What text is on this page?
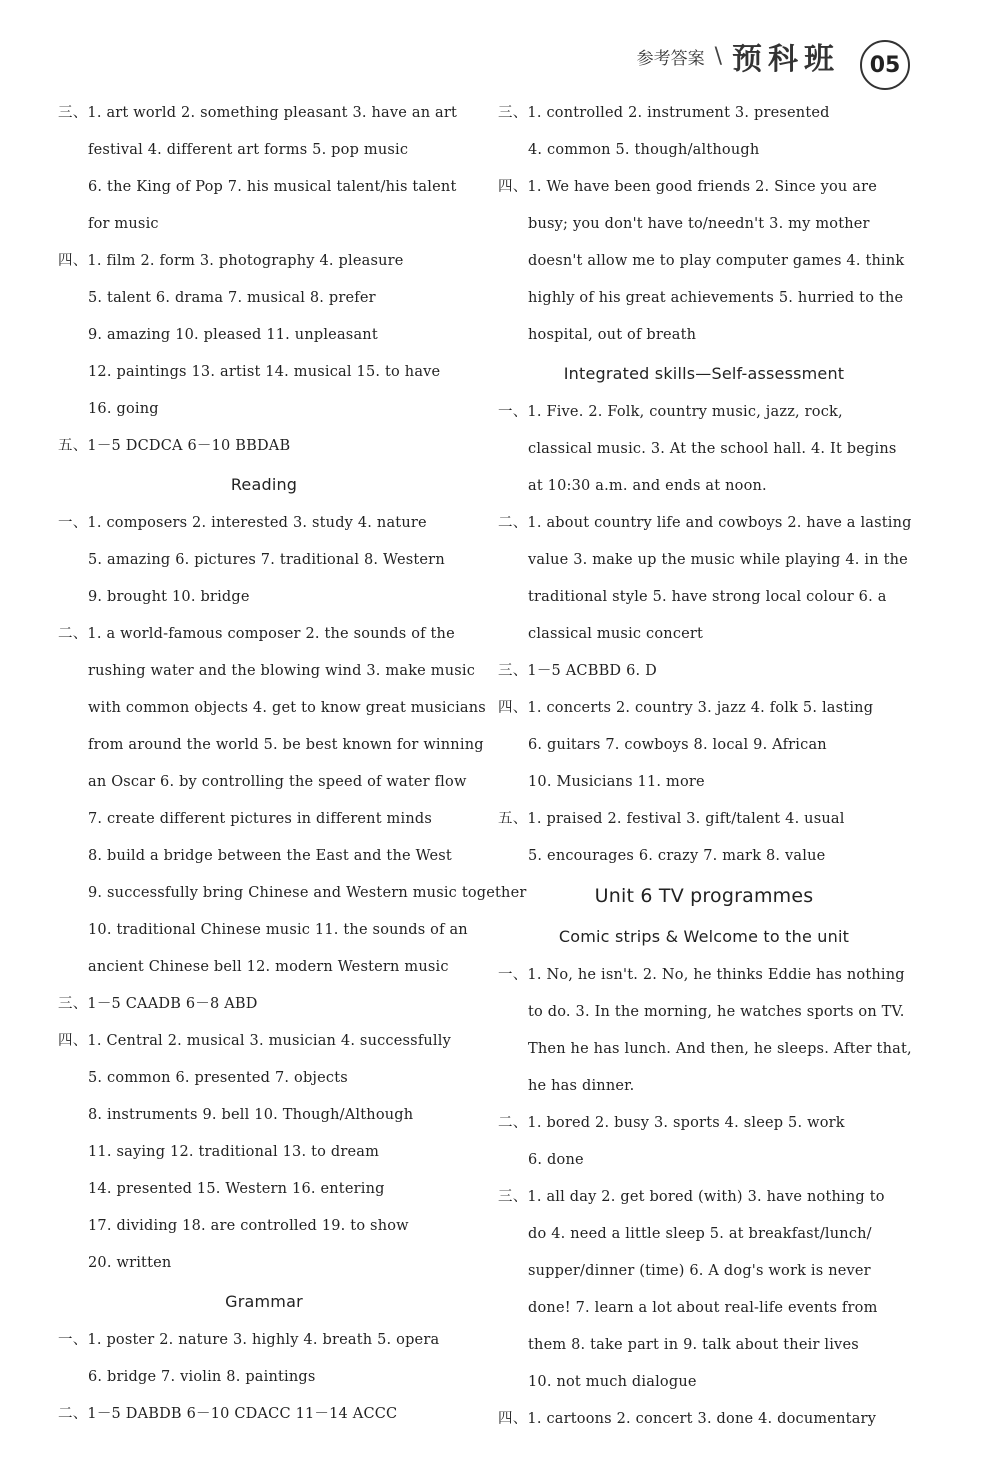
参考答案 \ 预科班 05
三、1. art world 2. something pleasant 3. have an art
festival 4. different art forms 5. pop music
6. the King of Pop 7. his musical talent/his talent
for music
四、1. film 2. form 3. photography 4. pleasure
5. talent 6. drama 7. musical 8. prefer
9. amazing 10. pleased 11. unpleasant
12. paintings 13. artist 14. musical 15. to have
16. going
五、1－5 DCDCA 6－10 BBDAB
Reading
一、1. composers 2. interested 3. study 4. nature
5. amazing 6. pictures 7. traditional 8. Western
9. brought 10. bridge
二、1. a world-famous composer 2. the sounds of the
rushing water and the blowing wind 3. make music
with common objects 4. get to know great musicians
from around the world 5. be best known for winning
an Oscar 6. by controlling the speed of water flow
7. create different pictures in different minds
8. build a bridge between the East and the West
9. successfully bring Chinese and Western music together
10. traditional Chinese music 11. the sounds of an
ancient Chinese bell 12. modern Western music
三、1－5 CAADB 6－8 ABD
四、1. Central 2. musical 3. musician 4. successfully
5. common 6. presented 7. objects
8. instruments 9. bell 10. Though/Although
11. saying 12. traditional 13. to dream
14. presented 15. Western 16. entering
17. dividing 18. are controlled 19. to show
20. written
Grammar
一、1. poster 2. nature 3. highly 4. breath 5. opera
6. bridge 7. violin 8. paintings
二、1－5 DABDB 6－10 CDACC 11－14 ACCC
三、1. controlled 2. instrument 3. presented
4. common 5. though/although
四、1. We have been good friends 2. Since you are
busy; you don't have to/needn't 3. my mother
doesn't allow me to play computer games 4. think
highly of his great achievements 5. hurried to the
hospital, out of breath
Integrated skills—Self-assessment
一、1. Five. 2. Folk, country music, jazz, rock,
classical music. 3. At the school hall. 4. It begins
at 10:30 a.m. and ends at noon.
二、1. about country life and cowboys 2. have a lasting
value 3. make up the music while playing 4. in the
traditional style 5. have strong local colour 6. a
classical music concert
三、1－5 ACBBD 6. D
四、1. concerts 2. country 3. jazz 4. folk 5. lasting
6. guitars 7. cowboys 8. local 9. African
10. Musicians 11. more
五、1. praised 2. festival 3. gift/talent 4. usual
5. encourages 6. crazy 7. mark 8. value
Unit 6 TV programmes
Comic strips & Welcome to the unit
一、1. No, he isn't. 2. No, he thinks Eddie has nothing
to do. 3. In the morning, he watches sports on TV.
Then he has lunch. And then, he sleeps. After that,
he has dinner.
二、1. bored 2. busy 3. sports 4. sleep 5. work
6. done
三、1. all day 2. get bored (with) 3. have nothing to
do 4. need a little sleep 5. at breakfast/lunch/
supper/dinner (time) 6. A dog's work is never
done! 7. learn a lot about real-life events from
them 8. take part in 9. talk about their lives
10. not much dialogue
四、1. cartoons 2. concert 3. done 4. documentary
